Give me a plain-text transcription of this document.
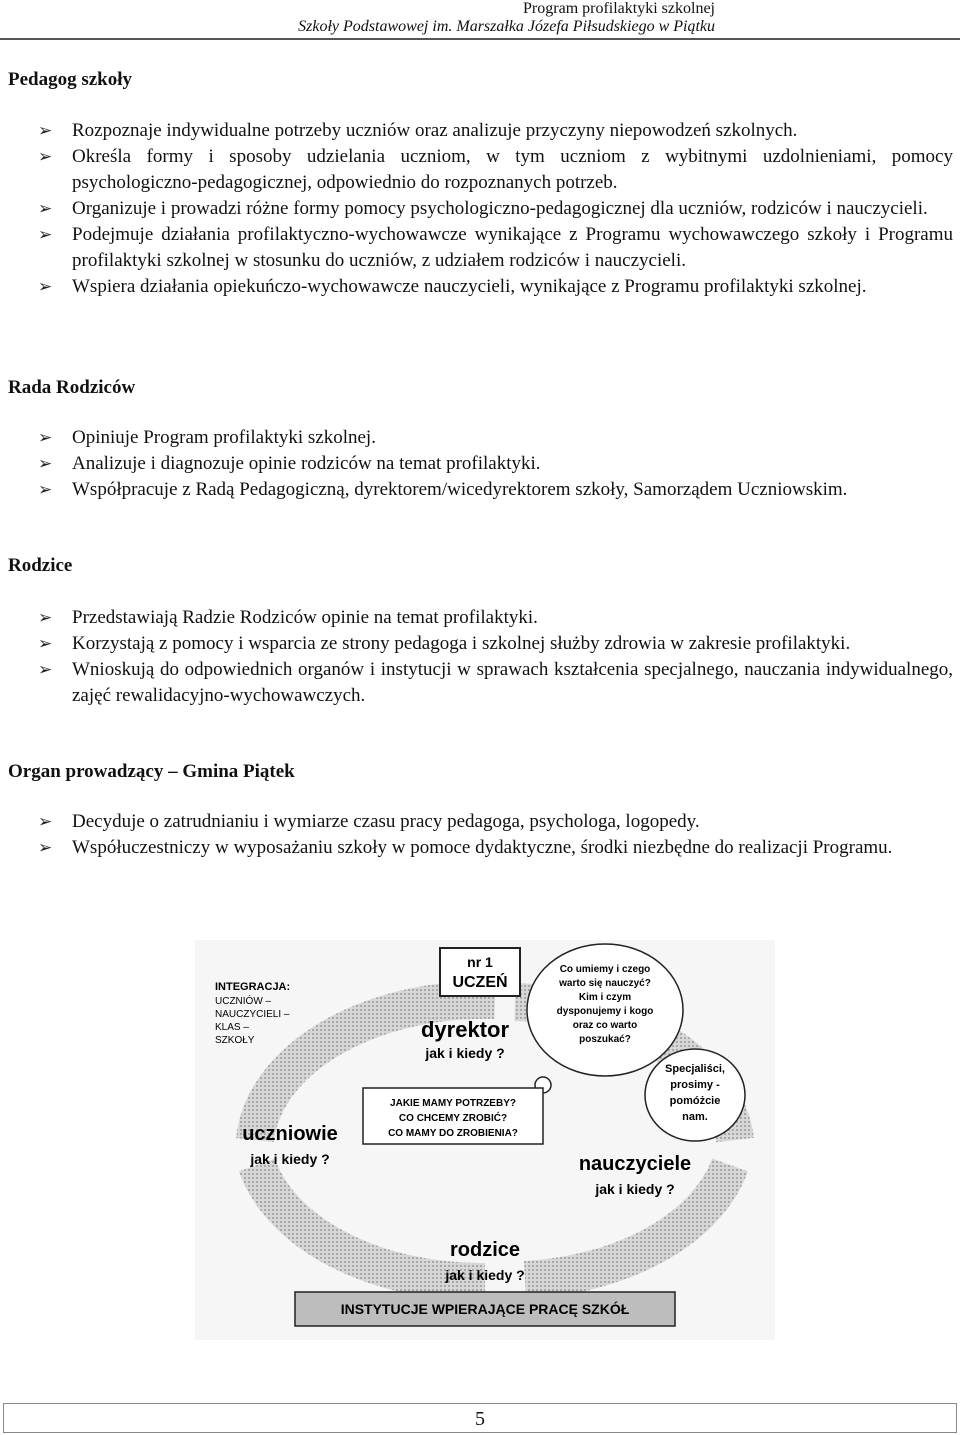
Program profilaktyki szkolnej
Szkoły Podstawowej im. Marszałka Józefa Piłsudskiego w Piątku
Pedagog szkoły
➢ Rozpoznaje indywidualne potrzeby uczniów oraz analizuje przyczyny niepowodzeń szkolnych.
➢ Określa formy i sposoby udzielania uczniom, w tym uczniom z wybitnymi uzdolnieniami, pomocy psychologiczno-pedagogicznej, odpowiednio do rozpoznanych potrzeb.
➢ Organizuje i prowadzi różne formy pomocy psychologiczno-pedagogicznej dla uczniów, rodziców i nauczycieli.
➢ Podejmuje działania profilaktyczno-wychowawcze wynikające z Programu wychowawczego szkoły i Programu profilaktyki szkolnej w stosunku do uczniów, z udziałem rodziców i nauczycieli.
➢ Wspiera działania opiekuńczo-wychowawcze nauczycieli, wynikające z Programu profilaktyki szkolnej.
Rada Rodziców
➢ Opiniuje Program profilaktyki szkolnej.
➢ Analizuje i diagnozuje opinie rodziców na temat profilaktyki.
➢ Współpracuje z Radą Pedagogiczną, dyrektorem/wicedyrektorem szkoły, Samorządem Uczniowskim.
Rodzice
➢ Przedstawiają Radzie Rodziców opinie na temat profilaktyki.
➢ Korzystają z pomocy i wsparcia ze strony pedagoga i szkolnej służby zdrowia w zakresie profilaktyki.
➢ Wnioskują do odpowiednich organów i instytucji w sprawach kształcenia specjalnego, nauczania indywidualnego, zajęć rewalidacyjno-wychowawczych.
Organ prowadzący – Gmina Piątek
➢ Decyduje o zatrudnianiu i wymiarze czasu pracy pedagoga, psychologa, logopedy.
➢ Współuczestniczy w wyposażaniu szkoły w pomoce dydaktyczne, środki niezbędne do realizacji Programu.
INTEGRACJA:
UCZNIÓW –
NAUCZYCIELI –
KLAS –
SZKOŁY
nr 1
UCZEŃ
dyrektor
jak i kiedy ?
Co umiemy i czego
warto się nauczyć?
Kim i czym
dysponujemy i kogo
oraz co warto
poszukać?
Specjaliści,
prosimy -
pomóżcie
nam.
JAKIE MAMY POTRZEBY?
CO CHCEMY ZROBIĆ?
CO MAMY DO ZROBIENIA?
uczniowie
jak i kiedy ?	nauczyciele
jak i kiedy ?
rodzice
jak i kiedy ?
INSTYTUCJE WPIERAJĄCE PRACĘ SZKÓŁ
5
